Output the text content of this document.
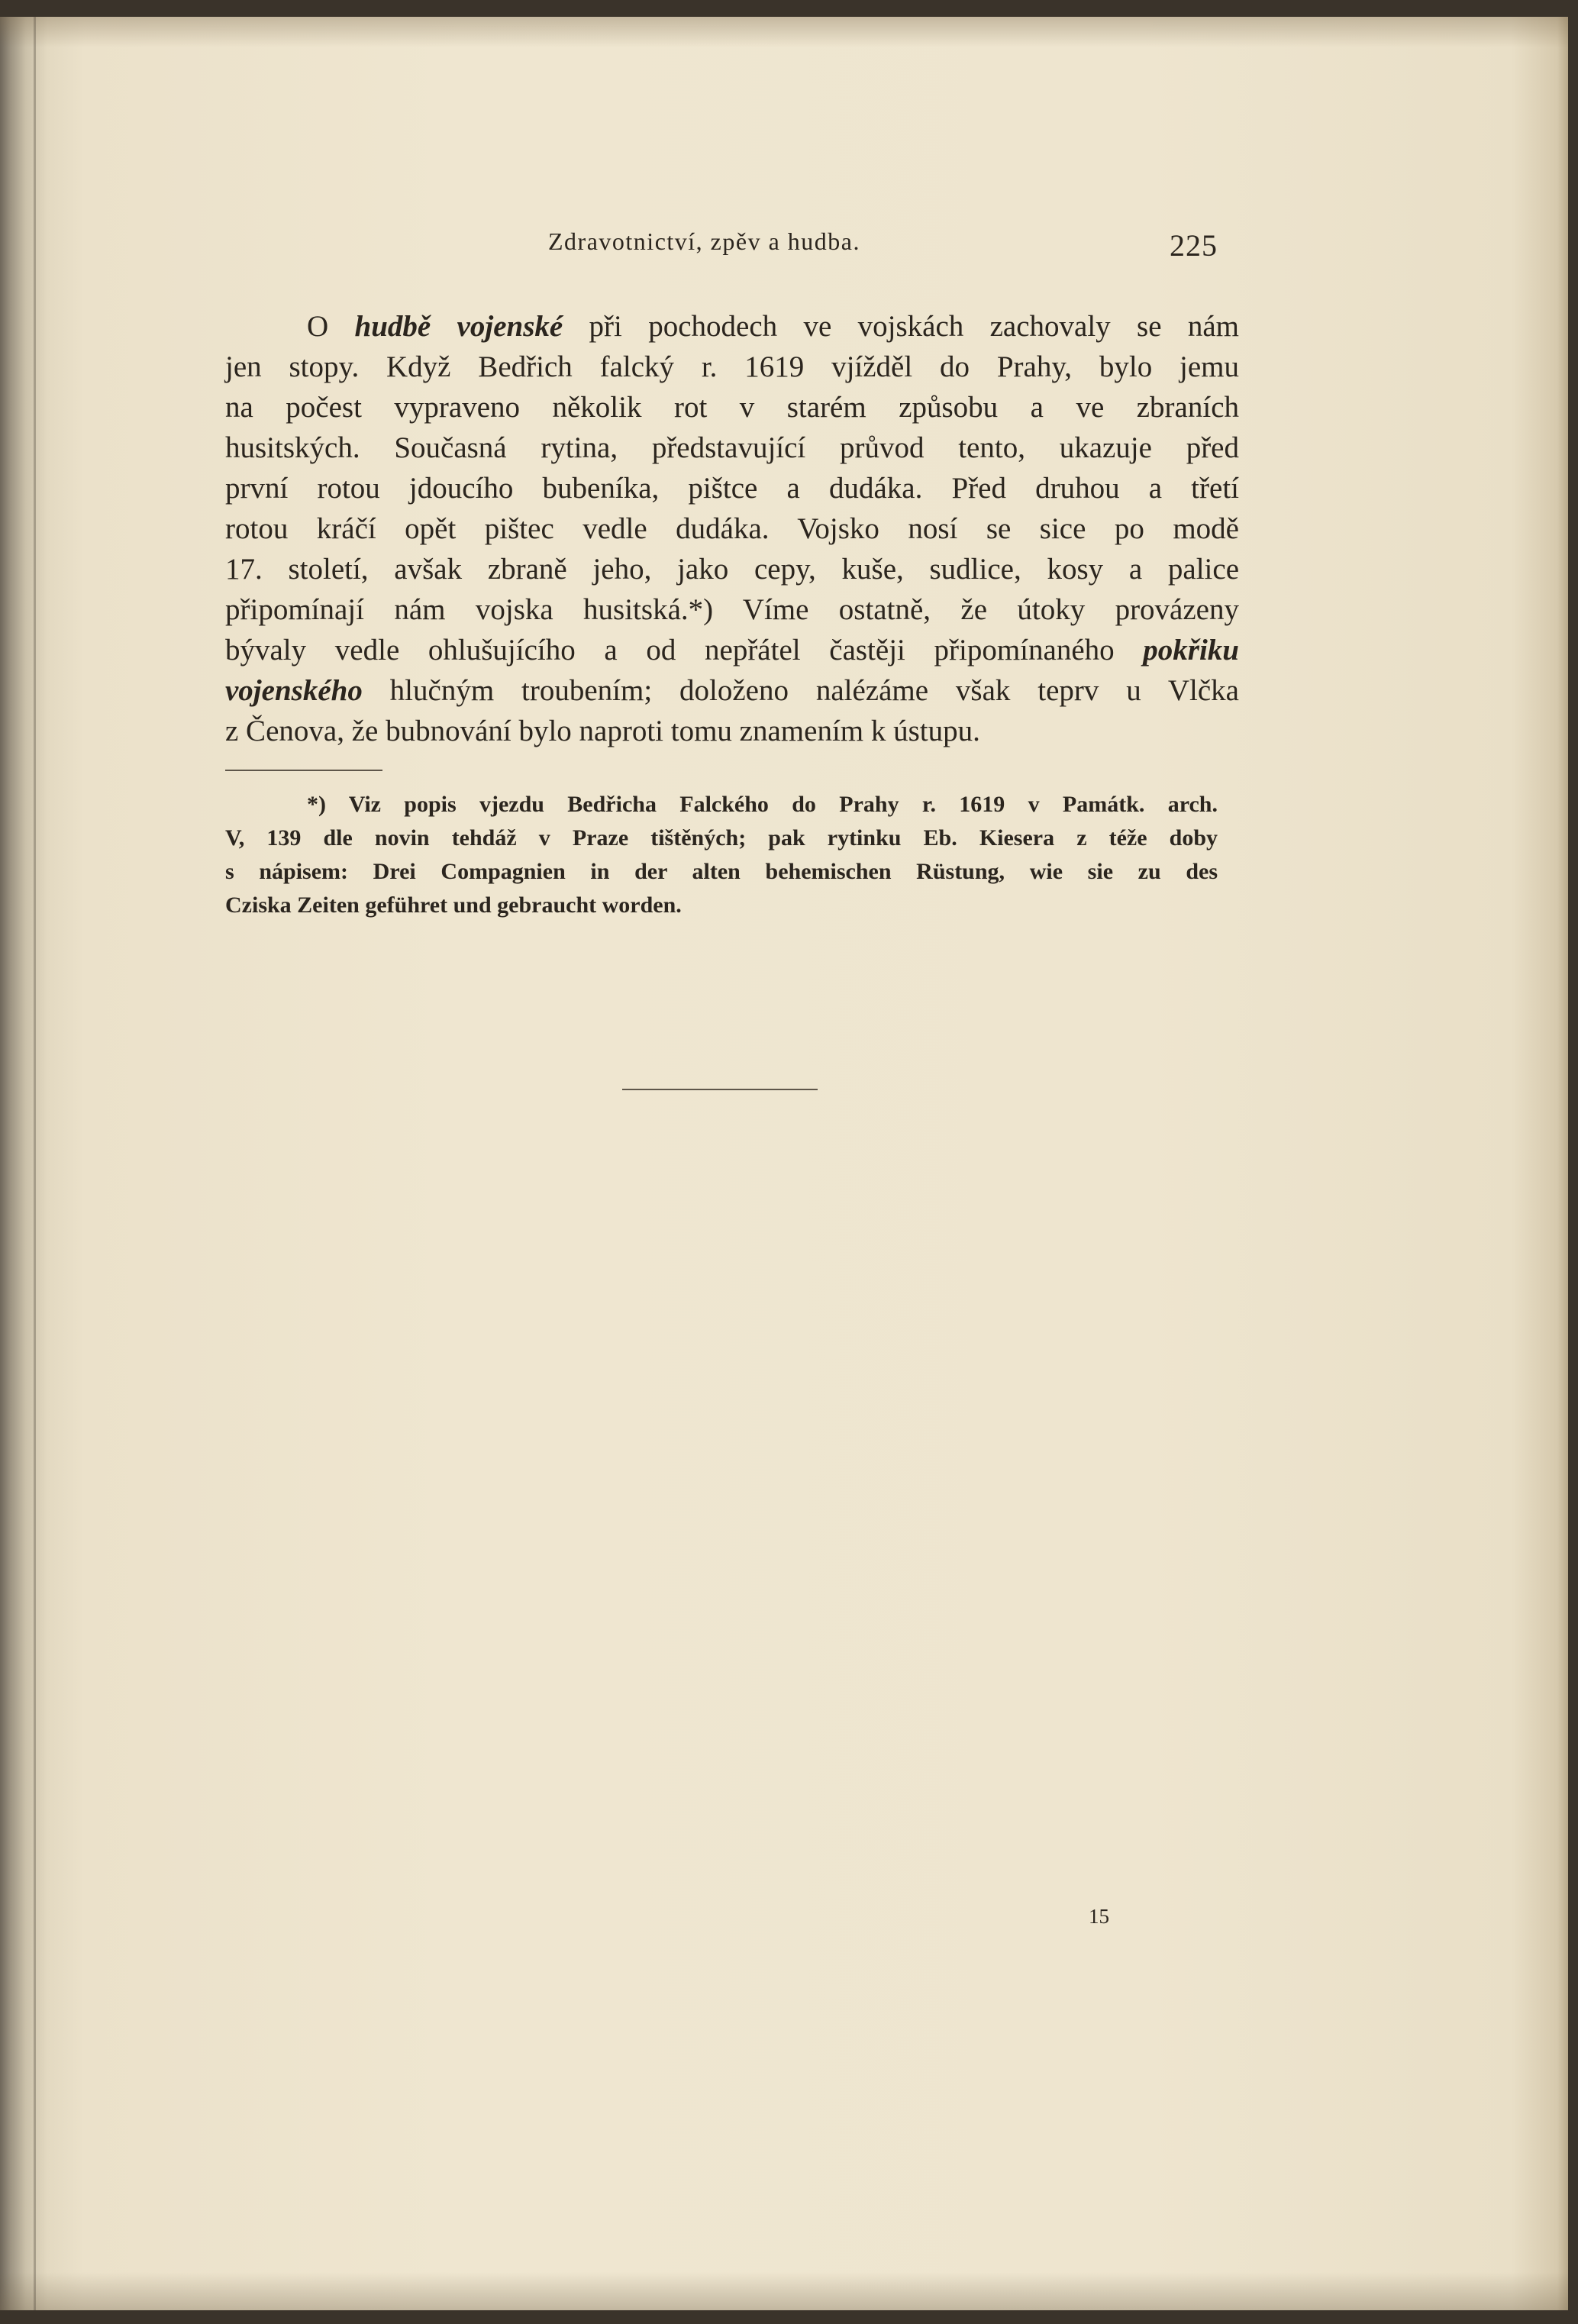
Zdravotnictví, zpěv a hudba.	225
O hudbě vojenské při pochodech ve vojskách zachovaly se nám
jen stopy. Když Bedřich falcký r. 1619 vjížděl do Prahy, bylo jemu
na počest vypraveno několik rot v starém způsobu a ve zbraních
husitských. Současná rytina, představující průvod tento, ukazuje před
první rotou jdoucího bubeníka, pištce a dudáka. Před druhou a třetí
rotou kráčí opět pištec vedle dudáka. Vojsko nosí se sice po modě
17. století, avšak zbraně jeho, jako cepy, kuše, sudlice, kosy a palice
připomínají nám vojska husitská.*) Víme ostatně, že útoky provázeny
bývaly vedle ohlušujícího a od nepřátel častěji připomínaného pokřiku
vojenského hlučným troubením; doloženo nalézáme však teprv u Vlčka
z Čenova, že bubnování bylo naproti tomu znamením k ústupu.
*) Viz popis vjezdu Bedřicha Falckého do Prahy r. 1619 v Památk. arch.
V, 139 dle novin tehdáž v Praze tištěných; pak rytinku Eb. Kiesera z téže doby
s nápisem: Drei Compagnien in der alten behemischen Rüstung, wie sie zu des
Cziska Zeiten geführet und gebraucht worden.
15
